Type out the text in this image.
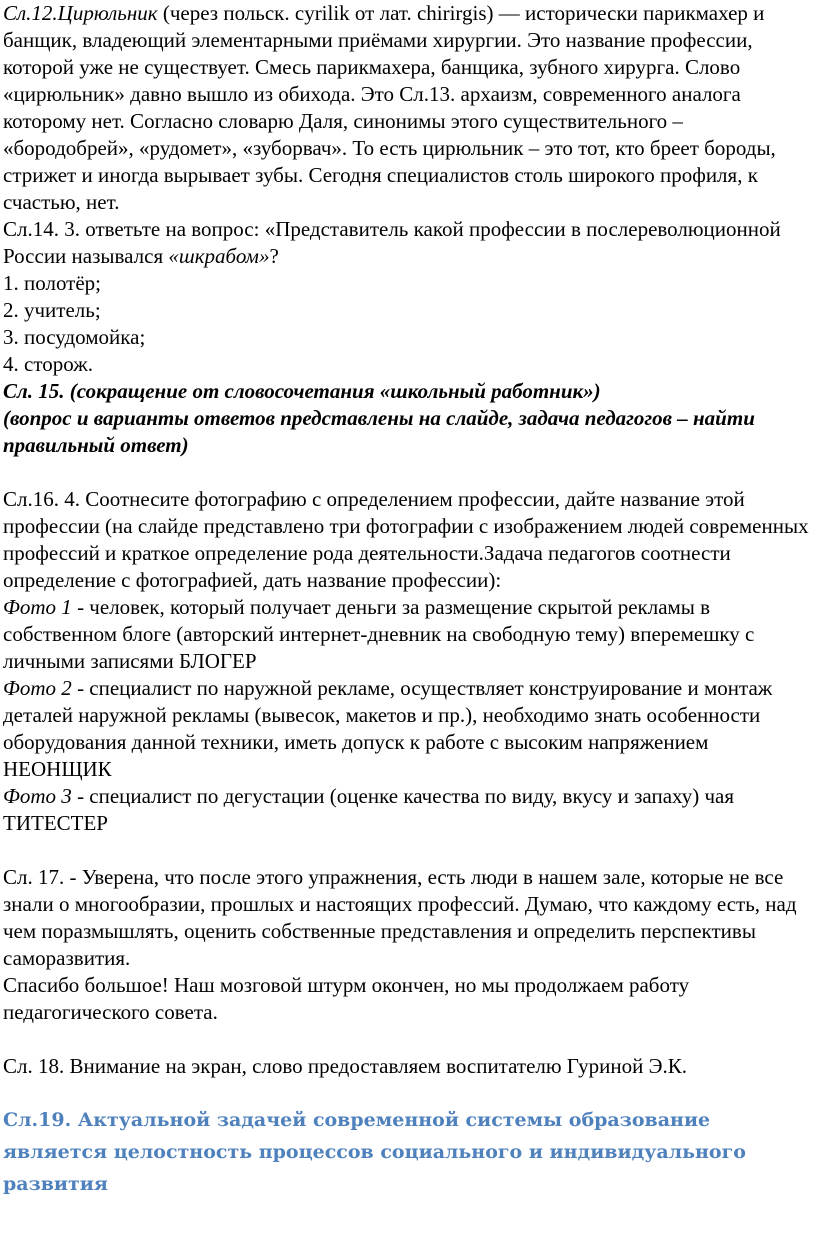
Сл.12.Цирюльник (через польск. cyrilik от лат. chirirgis) — исторически парикмахер и банщик, владеющий элементарными приёмами хирургии. Это название профессии, которой уже не существует. Смесь парикмахера, банщика, зубного хирурга. Слово «цирюльник» давно вышло из обихода. Это Сл.13. архаизм, современного аналога которому нет. Согласно словарю Даля, синонимы этого существительного – «бородобрей», «рудомет», «зуборвач». То есть цирюльник – это тот, кто бреет бороды, стрижет и иногда вырывает зубы. Сегодня специалистов столь широкого профиля, к счастью, нет.

Сл.14. 3. ответьте на вопрос: «Представитель какой профессии в послереволюционной России назывался «шкрабом»?

1. полотёр;

2. учитель;

3. посудомойка;

4. сторож.

Сл. 15. (сокращение от словосочетания «школьный работник»)

(вопрос и варианты ответов представлены на слайде, задача педагогов – найти правильный ответ)

Сл.16. 4. Соотнесите фотографию с определением профессии, дайте название этой профессии (на слайде представлено три фотографии с изображением людей современных профессий и краткое определение рода деятельности.Задача педагогов соотнести определение с фотографией, дать название профессии):

Фото 1 - человек, который получает деньги за размещение скрытой рекламы в собственном блоге (авторский интернет-дневник на свободную тему) вперемешку с личными записями БЛОГЕР

Фото 2 - специалист по наружной рекламе, осуществляет конструирование и монтаж деталей наружной рекламы (вывесок, макетов и пр.), необходимо знать особенности оборудования данной техники, иметь допуск к работе с высоким напряжением НЕОНЩИК

Фото 3 - специалист по дегустации (оценке качества по виду, вкусу и запаху) чая ТИТЕСТЕР

Сл. 17. - Уверена, что после этого упражнения, есть люди в нашем зале, которые не все знали о многообразии, прошлых и настоящих профессий. Думаю, что каждому есть, над чем поразмышлять, оценить собственные представления и определить перспективы саморазвития.

Спасибо большое! Наш мозговой штурм окончен, но мы продолжаем работу педагогического совета.

Сл. 18. Внимание на экран, слово предоставляем воспитателю Гуриной Э.К.

Сл.19. Актуальной задачей современной системы образование является целостность процессов социального и индивидуального развития
